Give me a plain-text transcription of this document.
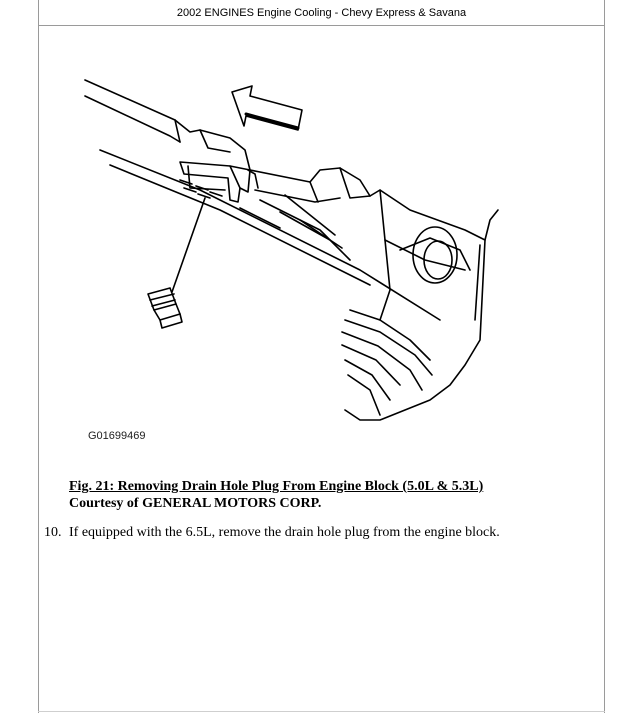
2002 ENGINES Engine Cooling - Chevy Express & Savana
G01699469
Fig. 21: Removing Drain Hole Plug From Engine Block (5.0L & 5.3L)
Courtesy of GENERAL MOTORS CORP.
10. If equipped with the 6.5L, remove the drain hole plug from the engine block.
